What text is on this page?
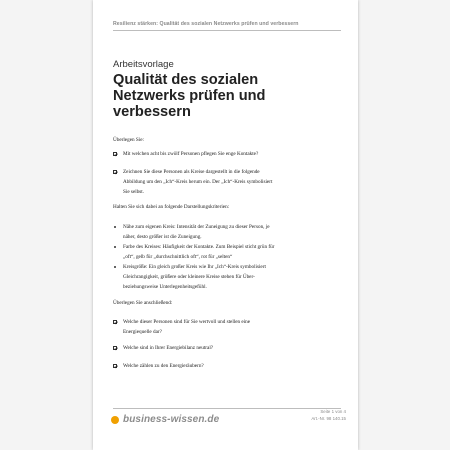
Resilienz stärken: Qualität des sozialen Netzwerks prüfen und verbessern
Arbeitsvorlage
Qualität des sozialen
Netzwerks prüfen und
verbessern
Überlegen Sie:
Mit welchen acht bis zwölf Personen pflegen Sie enge Kontakte?
Zeichnen Sie diese Personen als Kreise dargestellt in die folgende
Abbildung um den „Ich“-Kreis herum ein. Der „Ich“-Kreis symbolisiert
Sie selbst.
Halten Sie sich dabei an folgende Darstellungskriterien:
Nähe zum eigenen Kreis: Intensität der Zuneigung zu dieser Person, je
näher, desto größer ist die Zuneigung.
Farbe des Kreises: Häufigkeit der Kontakte. Zum Beispiel sticht grün für
„oft“, gelb für „durchschnittlich oft“, rot für „selten“
Kreisgröße: Ein gleich großer Kreis wie Ihr „Ich“-Kreis symbolisiert
Gleichrangigkeit, größere oder kleinere Kreise stehen für Über-
beziehungsweise Unterlegenheitsgefühl.
Überlegen Sie anschließend:
Welche dieser Personen sind für Sie wertvoll und stellen eine
Energiequelle dar?
Welche sind in Ihrer Energiebilanz neutral?
Welche zählen zu den Energieräubern?
business-wissen.de
Seite 1 von 4
Art.-Nr. 98 140.15
